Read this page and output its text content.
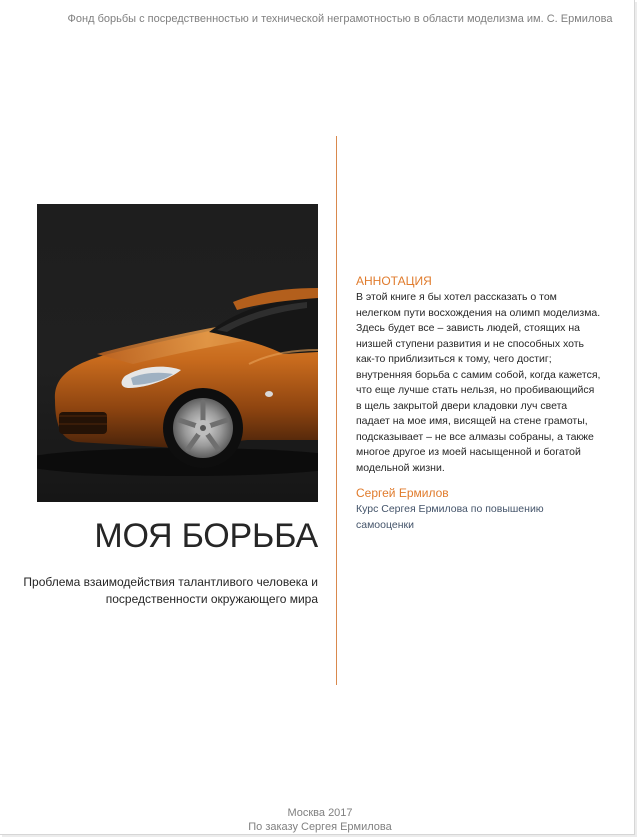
Фонд борьбы с посредственностью и технической неграмотностью в области моделизма им. С. Ермилова
МОЯ БОРЬБА
Проблема взаимодействия талантливого человека и посредственности окружающего мира
АННОТАЦИЯ

В этой книге я бы хотел рассказать о том нелегком пути восхождения на олимп моделизма. Здесь будет все – зависть людей, стоящих на низшей ступени развития и не способных хоть как-то приблизиться к тому, чего достиг; внутренняя борьба с самим собой, когда кажется, что еще лучше стать нельзя, но пробивающийся в щель закрытой двери кладовки луч света падает на мое имя, висящей на стене грамоты, подсказывает – не все алмазы собраны, а также многое другое из моей насыщенной и богатой модельной жизни.

Сергей Ермилов

Курс Сергея Ермилова по повышению самооценки

Москва 2017
По заказу Сергея Ермилова
